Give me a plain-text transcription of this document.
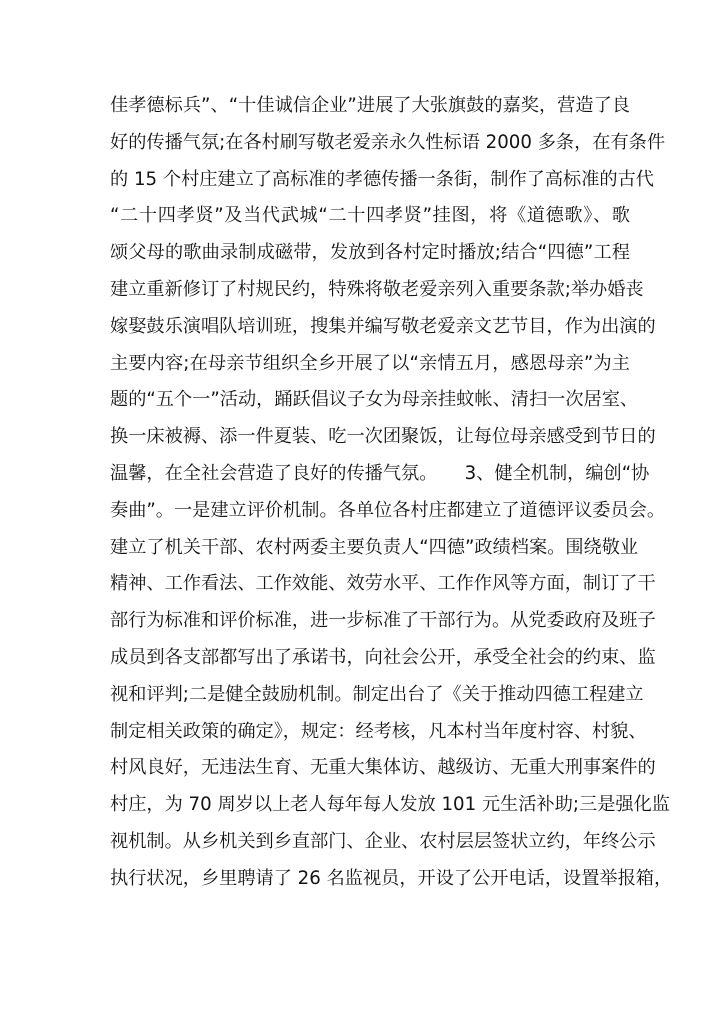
佳孝德标兵”、“十佳诚信企业”进展了大张旗鼓的嘉奖，营造了良
好的传播气氛;在各村刷写敬老爱亲永久性标语 2000 多条，在有条件
的 15 个村庄建立了高标准的孝德传播一条街，制作了高标准的古代
“二十四孝贤”及当代武城“二十四孝贤”挂图，将《道德歌》、歌
颂父母的歌曲录制成磁带，发放到各村定时播放;结合“四德”工程
建立重新修订了村规民约，特殊将敬老爱亲列入重要条款;举办婚丧
嫁娶鼓乐演唱队培训班，搜集并编写敬老爱亲文艺节目，作为出演的
主要内容;在母亲节组织全乡开展了以“亲情五月，感恩母亲”为主
题的“五个一”活动，踊跃倡议子女为母亲挂蚊帐、清扫一次居室、
换一床被褥、添一件夏装、吃一次团聚饭，让每位母亲感受到节日的
温馨，在全社会营造了良好的传播气氛。　　3、健全机制，编创“协
奏曲”。一是建立评价机制。各单位各村庄都建立了道德评议委员会。
建立了机关干部、农村两委主要负责人“四德”政绩档案。围绕敬业
精神、工作看法、工作效能、效劳水平、工作作风等方面，制订了干
部行为标准和评价标准，进一步标准了干部行为。从党委政府及班子
成员到各支部都写出了承诺书，向社会公开，承受全社会的约束、监
视和评判;二是健全鼓励机制。制定出台了《关于推动四德工程建立
制定相关政策的确定》，规定：经考核，凡本村当年度村容、村貌、
村风良好，无违法生育、无重大集体访、越级访、无重大刑事案件的
村庄，为 70 周岁以上老人每年每人发放 101 元生活补助;三是强化监
视机制。从乡机关到乡直部门、企业、农村层层签状立约，年终公示
执行状况，乡里聘请了 26 名监视员，开设了公开电话，设置举报箱，
